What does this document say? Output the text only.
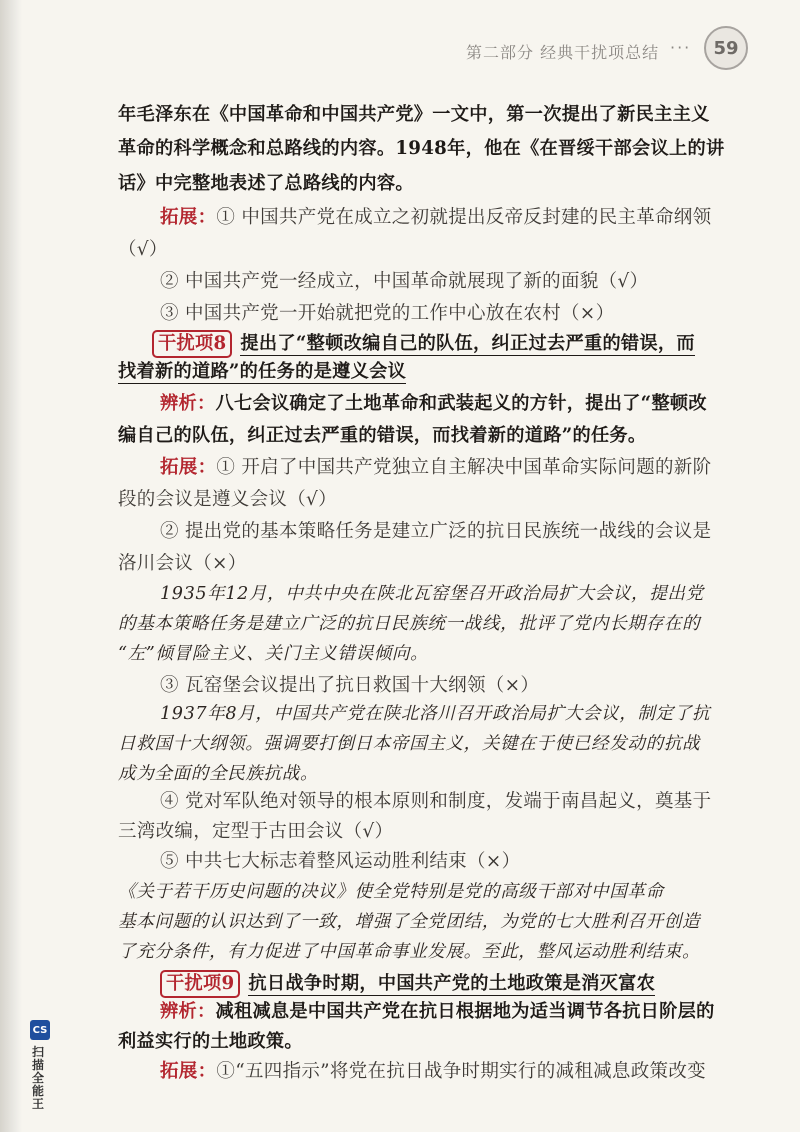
第二部分 经典干扰项总结 ···	59
年毛泽东在《中国革命和中国共产党》一文中，第一次提出了新民主主义
革命的科学概念和总路线的内容。1948年，他在《在晋绥干部会议上的讲
话》中完整地表述了总路线的内容。
拓展：① 中国共产党在成立之初就提出反帝反封建的民主革命纲领
（√）
② 中国共产党一经成立，中国革命就展现了新的面貌（√）
③ 中国共产党一开始就把党的工作中心放在农村（×）
干扰项8 提出了“整顿改编自己的队伍，纠正过去严重的错误，而
找着新的道路”的任务的是遵义会议
辨析：八七会议确定了土地革命和武装起义的方针，提出了“整顿改
编自己的队伍，纠正过去严重的错误，而找着新的道路”的任务。
拓展：① 开启了中国共产党独立自主解决中国革命实际问题的新阶
段的会议是遵义会议（√）
② 提出党的基本策略任务是建立广泛的抗日民族统一战线的会议是
洛川会议（×）
1935年12月，中共中央在陕北瓦窑堡召开政治局扩大会议，提出党
的基本策略任务是建立广泛的抗日民族统一战线，批评了党内长期存在的
“左”倾冒险主义、关门主义错误倾向。
③ 瓦窑堡会议提出了抗日救国十大纲领（×）
1937年8月，中国共产党在陕北洛川召开政治局扩大会议，制定了抗
日救国十大纲领。强调要打倒日本帝国主义，关键在于使已经发动的抗战
成为全面的全民族抗战。
④ 党对军队绝对领导的根本原则和制度，发端于南昌起义，奠基于
三湾改编，定型于古田会议（√）
⑤ 中共七大标志着整风运动胜利结束（×）
《关于若干历史问题的决议》使全党特别是党的高级干部对中国革命
基本问题的认识达到了一致，增强了全党团结，为党的七大胜利召开创造
了充分条件，有力促进了中国革命事业发展。至此，整风运动胜利结束。
干扰项9 抗日战争时期，中国共产党的土地政策是消灭富农
辨析：减租减息是中国共产党在抗日根据地为适当调节各抗日阶层的
利益实行的土地政策。
拓展：①“五四指示”将党在抗日战争时期实行的减租减息政策改变
CS
扫描全能王
